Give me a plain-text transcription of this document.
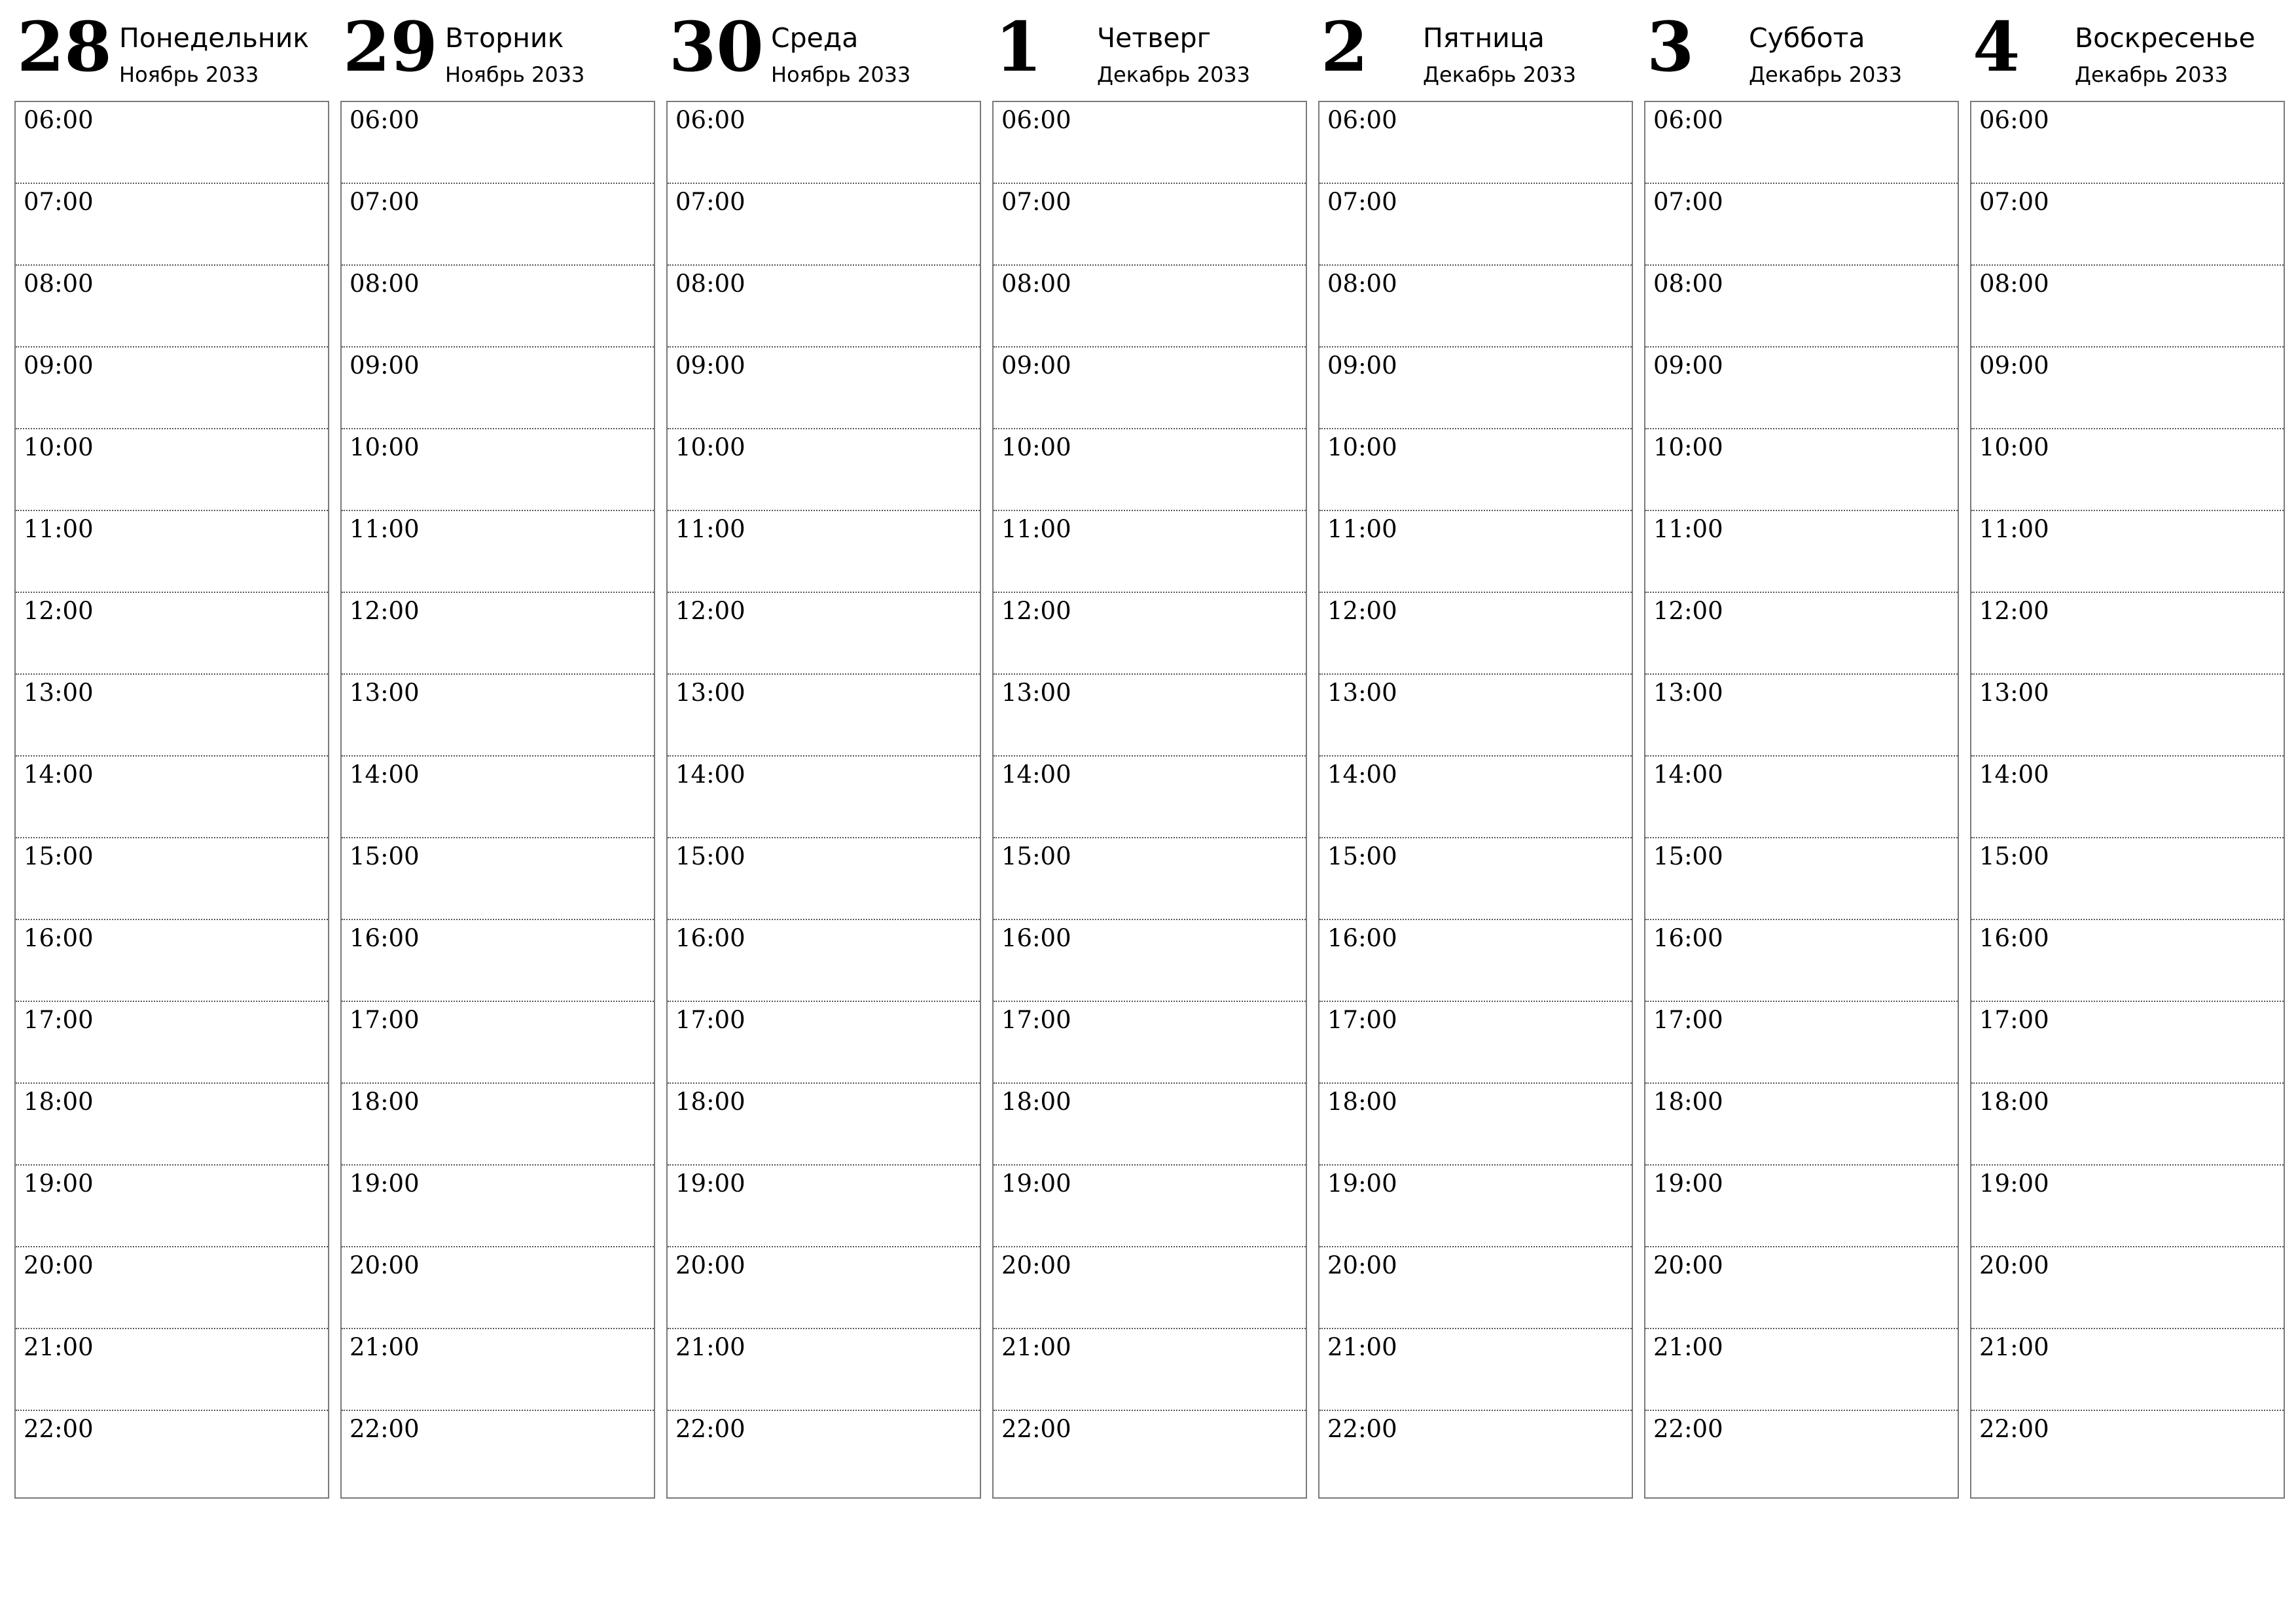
28 Понедельник
Ноябрь 2033
06:00
07:00
08:00
09:00
10:00
11:00
12:00
13:00
14:00
15:00
16:00
17:00
18:00
19:00
20:00
21:00
22:00
29 Вторник
Ноябрь 2033
06:00
07:00
08:00
09:00
10:00
11:00
12:00
13:00
14:00
15:00
16:00
17:00
18:00
19:00
20:00
21:00
22:00
30 Среда
Ноябрь 2033
06:00
07:00
08:00
09:00
10:00
11:00
12:00
13:00
14:00
15:00
16:00
17:00
18:00
19:00
20:00
21:00
22:00
1 Четверг
Декабрь 2033
06:00
07:00
08:00
09:00
10:00
11:00
12:00
13:00
14:00
15:00
16:00
17:00
18:00
19:00
20:00
21:00
22:00
2 Пятница
Декабрь 2033
06:00
07:00
08:00
09:00
10:00
11:00
12:00
13:00
14:00
15:00
16:00
17:00
18:00
19:00
20:00
21:00
22:00
3 Суббота
Декабрь 2033
06:00
07:00
08:00
09:00
10:00
11:00
12:00
13:00
14:00
15:00
16:00
17:00
18:00
19:00
20:00
21:00
22:00
4 Воскресенье
Декабрь 2033
06:00
07:00
08:00
09:00
10:00
11:00
12:00
13:00
14:00
15:00
16:00
17:00
18:00
19:00
20:00
21:00
22:00
